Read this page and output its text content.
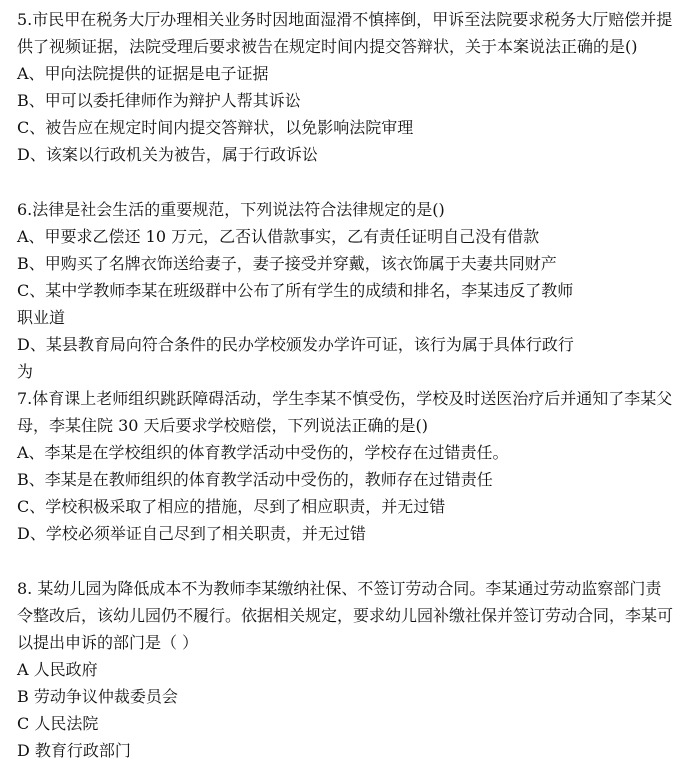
5.市民甲在税务大厅办理相关业务时因地面湿滑不慎摔倒，甲诉至法院要求税务大厅赔偿并提
供了视频证据，法院受理后要求被告在规定时间内提交答辩状，关于本案说法正确的是()
A、甲向法院提供的证据是电子证据
B、甲可以委托律师作为辩护人帮其诉讼
C、被告应在规定时间内提交答辩状，以免影响法院审理
D、该案以行政机关为被告，属于行政诉讼
6.法律是社会生活的重要规范，下列说法符合法律规定的是()
A、甲要求乙偿还 10 万元，乙否认借款事实，乙有责任证明自己没有借款
B、甲购买了名牌衣饰送给妻子，妻子接受并穿戴，该衣饰属于夫妻共同财产
C、某中学教师李某在班级群中公布了所有学生的成绩和排名，李某违反了教师
职业道
D、某县教育局向符合条件的民办学校颁发办学许可证，该行为属于具体行政行
为
7.体育课上老师组织跳跃障碍活动，学生李某不慎受伤，学校及时送医治疗后并通知了李某父
母，李某住院 30 天后要求学校赔偿，下列说法正确的是()
A、李某是在学校组织的体育教学活动中受伤的，学校存在过错责任。
B、李某是在教师组织的体育教学活动中受伤的，教师存在过错责任
C、学校积极采取了相应的措施，尽到了相应职责，并无过错
D、学校必须举证自己尽到了相关职责，并无过错
8. 某幼儿园为降低成本不为教师李某缴纳社保、不签订劳动合同。李某通过劳动监察部门责
令整改后，该幼儿园仍不履行。依据相关规定，要求幼儿园补缴社保并签订劳动合同，李某可
以提出申诉的部门是（ ）
A 人民政府
B 劳动争议仲裁委员会
C 人民法院
D 教育行政部门
